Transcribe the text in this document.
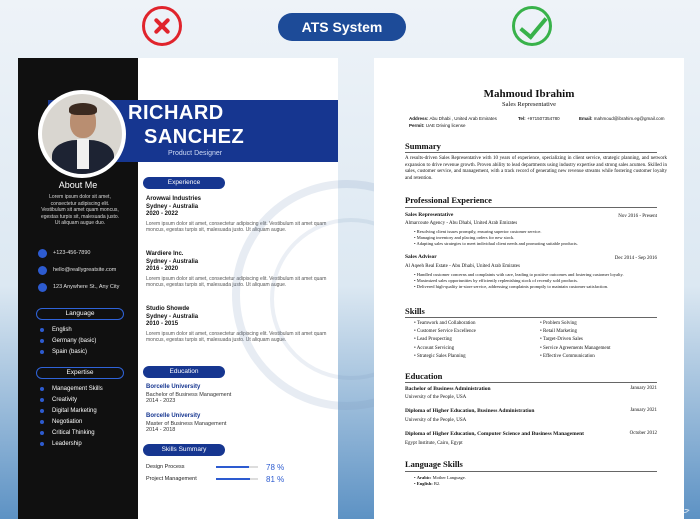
ATS System
RICHARD
SANCHEZ
Product Designer
About Me
Lorem ipsum dolor sit amet, consectetur adipiscing elit. Vestibulum sit amet quam moncus, egestas turpis sit, malesuada justo. Ut aliquam augue duo.
+123-456-7890
hello@reallygreatsite.com
123 Anywhere St., Any City
Language
English
Germany (basic)
Spain (basic)
Expertise
Management Skills
Creativity
Digital Marketing
Negotiation
Critical Thinking
Leadership
Experience
Arowwai Industries
Sydney - Australia
2020 - 2022
Lorem ipsum dolor sit amet, consectetur adipiscing elit. Vestibulum sit amet quam moncus, egestas turpis sit, malesuada justo. Ut aliquam augue.
Wardiere Inc.
Sydney - Australia
2016 - 2020
Lorem ipsum dolor sit amet, consectetur adipiscing elit. Vestibulum sit amet quam moncus, egestas turpis sit, malesuada justo. Ut aliquam augue.
Studio Showde
Sydney - Australia
2010 - 2015
Lorem ipsum dolor sit amet, consectetur adipiscing elit. Vestibulum sit amet quam moncus, egestas turpis sit, malesuada justo. Ut aliquam augue.
Education
Borcelle University
Bachelor of Business Management
2014 - 2023
Borcelle University
Master of Business Management
2014 - 2018
Skills Summary
Design Process	78 %
Project Management	81 %
Mahmoud Ibrahim
Sales Representative
Address: Abu Dhabi , United Arab Emirates
Permit: UAE Driving license
Tel: +971507354780	Email: mahmoud@ibrahim.eg@gmail.com
Summary
A results-driven Sales Representative with 10 years of experience, specializing in client service, strategic planning, and network expansion to drive revenue growth. Proven ability to lead departments using industry expertise and strong sales acumen. Skilled in sales, customer service, and management, with a track record of generating new revenue streams while fostering customer loyalty and retention.
Professional Experience
Sales Representative	Nov 2016 - Present
Almarcoute Agency - Abu Dhabi, United Arab Emirates
• Resolving client issues promptly, ensuring superior customer service.
• Managing inventory and placing orders for new stock.
• Adapting sales strategies to meet individual client needs and promoting suitable products.
Sales Advisor	Dec 2014 - Sep 2016
Al Aqeeh Real Estate - Abu Dhabi, United Arab Emirates
• Handled customer concerns and complaints with care, leading to positive outcomes and fostering customer loyalty.
• Maximized sales opportunities by efficiently replenishing stock of recently sold products.
• Delivered high-quality in-store service, addressing complaints promptly to maintain customer satisfaction.
Skills
• Teamwork and Collaboration
• Customer Service Excellence
• Lead Prospecting
• Account Servicing
• Strategic Sales Planning
• Problem Solving
• Retail Marketing
• Target-Driven Sales
• Service Agreements Management
• Effective Communication
Education
Bachelor of Business Administration	January 2021
University of the People, USA
Diploma of Higher Education, Business Administration	January 2021
University of the People, USA
Diploma of Higher Education, Computer Science and Business Management	October 2012
Egypt Institute, Cairo, Egypt
Language Skills
• Arabic: Mother Language.
• English: B2.
حراج
